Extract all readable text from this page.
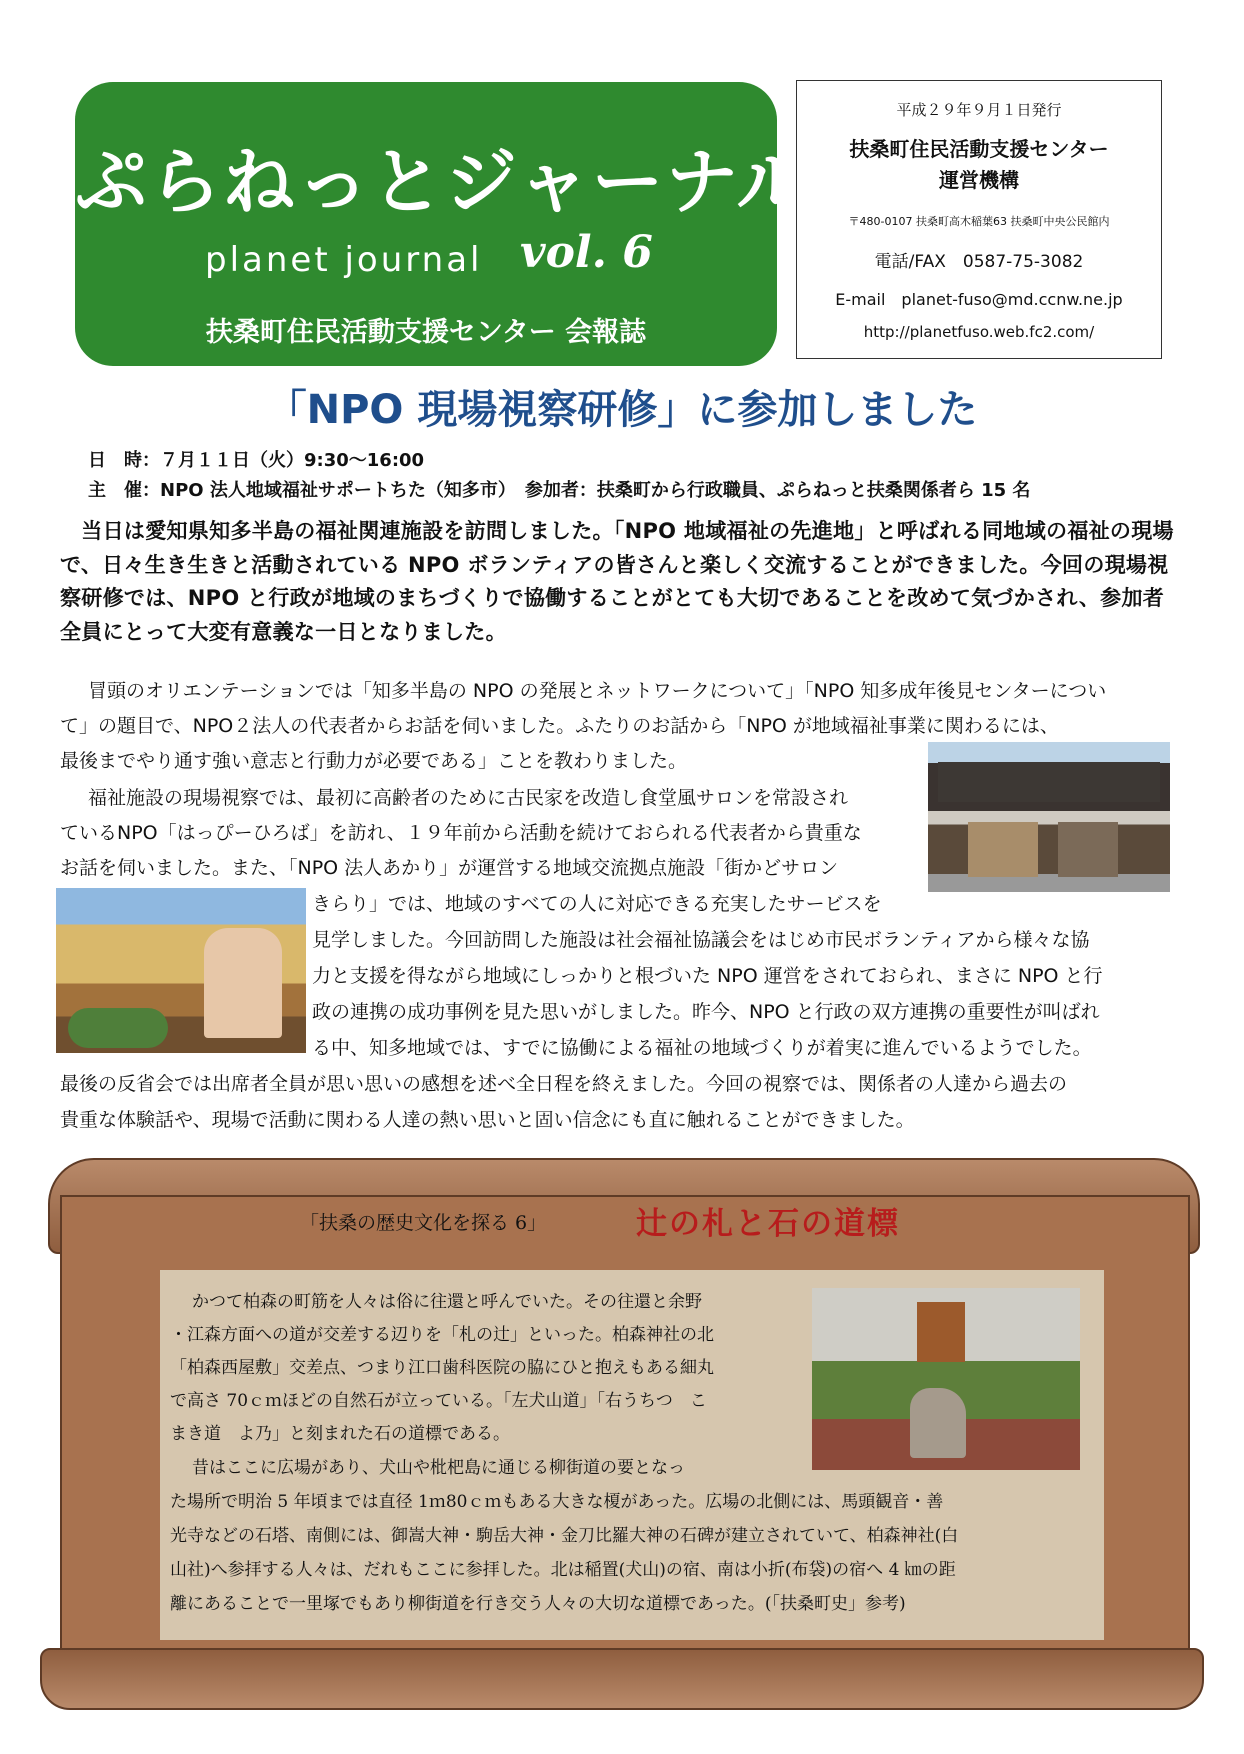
ぷらねっとジャーナル
planet journal vol. 6
扶桑町住民活動支援センター 会報誌
平成２９年９月１日発行
扶桑町住民活動支援センター
運営機構
〒480-0107 扶桑町高木稲葉63 扶桑町中央公民館内
電話/FAX　0587-75-3082
E-mail　planet-fuso@md.ccnw.ne.jp
http://planetfuso.web.fc2.com/
「NPO 現場視察研修」に参加しました
日　時：７月１１日（火）9:30～16:00
主　催：NPO 法人地域福祉サポートちた（知多市）　参加者：扶桑町から行政職員、ぷらねっと扶桑関係者ら 15 名
　当日は愛知県知多半島の福祉関連施設を訪問しました。「NPO 地域福祉の先進地」と呼ばれる同地域の福祉の現場で、日々生き生きと活動されている NPO ボランティアの皆さんと楽しく交流することができました。今回の現場視察研修では、NPO と行政が地域のまちづくりで協働することがとても大切であることを改めて気づかされ、参加者全員にとって大変有意義な一日となりました。
冒頭のオリエンテーションでは「知多半島の NPO の発展とネットワークについて」「NPO 知多成年後見センターについ
て」の題目で、NPO２法人の代表者からお話を伺いました。ふたりのお話から「NPO が地域福祉事業に関わるには、
最後までやり通す強い意志と行動力が必要である」ことを教わりました。
福祉施設の現場視察では、最初に高齢者のために古民家を改造し食堂風サロンを常設され
ているNPO「はっぴーひろば」を訪れ、１９年前から活動を続けておられる代表者から貴重な
お話を伺いました。また、「NPO 法人あかり」が運営する地域交流拠点施設「街かどサロン
きらり」では、地域のすべての人に対応できる充実したサービスを
見学しました。今回訪問した施設は社会福祉協議会をはじめ市民ボランティアから様々な協
力と支援を得ながら地域にしっかりと根づいた NPO 運営をされておられ、まさに NPO と行
政の連携の成功事例を見た思いがしました。昨今、NPO と行政の双方連携の重要性が叫ばれ
る中、知多地域では、すでに協働による福祉の地域づくりが着実に進んでいるようでした。
最後の反省会では出席者全員が思い思いの感想を述べ全日程を終えました。今回の視察では、関係者の人達から過去の
貴重な体験話や、現場で活動に関わる人達の熱い思いと固い信念にも直に触れることができました。
「扶桑の歴史文化を探る 6」	辻の札と石の道標
かつて柏森の町筋を人々は俗に往還と呼んでいた。その往還と余野
・江森方面への道が交差する辺りを「札の辻」といった。柏森神社の北
「柏森西屋敷」交差点、つまり江口歯科医院の脇にひと抱えもある細丸
で高さ 70ｃｍほどの自然石が立っている。「左犬山道」「右うちつ　こ
まき道　よ乃」と刻まれた石の道標である。
昔はここに広場があり、犬山や枇杷島に通じる柳街道の要となっ
た場所で明治 5 年頃までは直径 1ｍ80ｃｍもある大きな榎があった。広場の北側には、馬頭観音・善
光寺などの石塔、南側には、御嵩大神・駒岳大神・金刀比羅大神の石碑が建立されていて、柏森神社(白
山社)へ参拝する人々は、だれもここに参拝した。北は稲置(犬山)の宿、南は小折(布袋)の宿へ 4 ㎞の距
離にあることで一里塚でもあり柳街道を行き交う人々の大切な道標であった。(「扶桑町史」参考)
